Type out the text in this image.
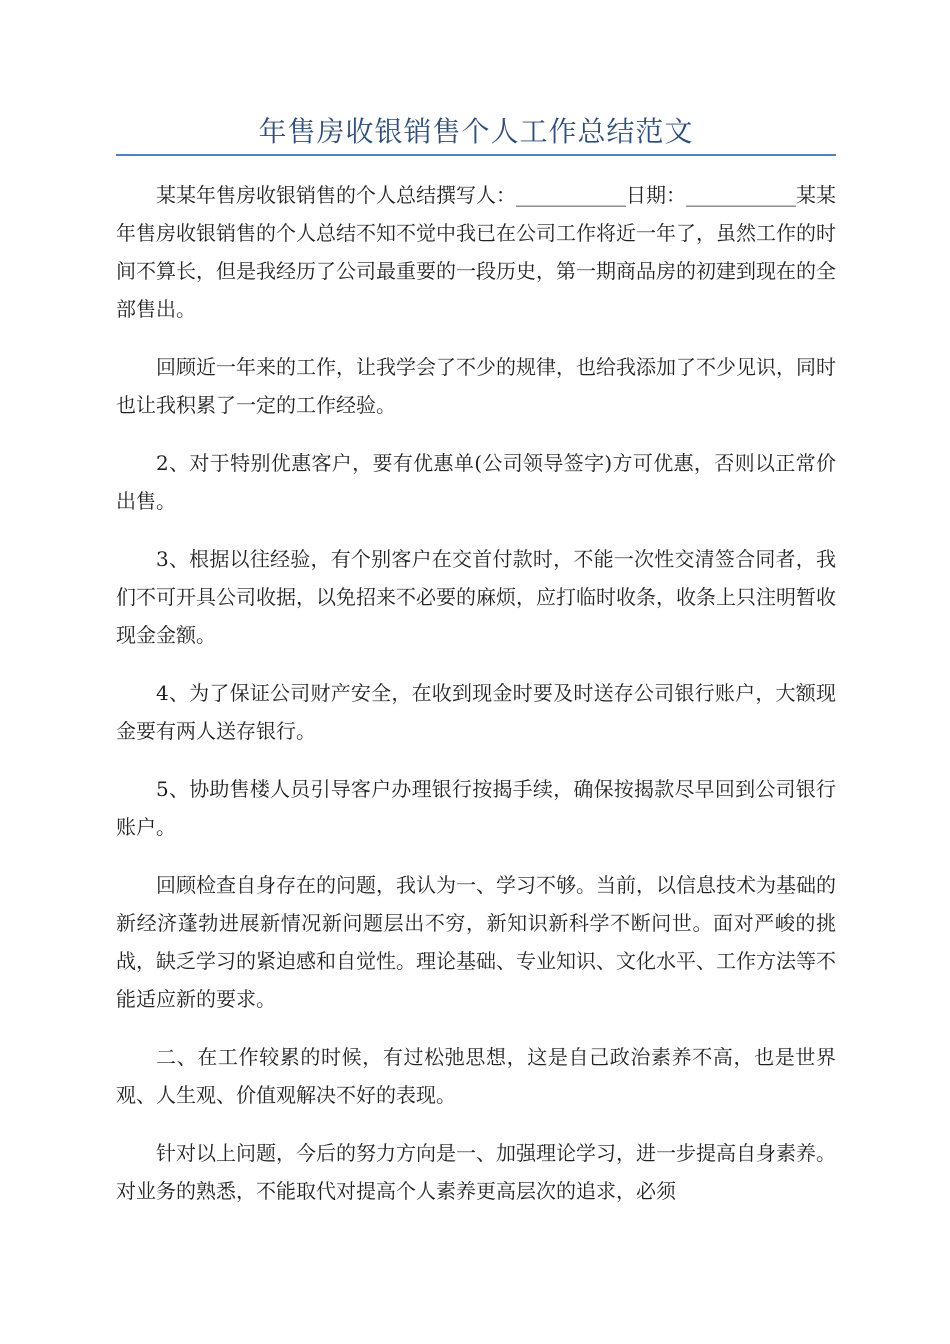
年售房收银销售个人工作总结范文

某某年售房收银销售的个人总结撰写人：___________日期：___________某某年售房收银销售的个人总结不知不觉中我已在公司工作将近一年了，虽然工作的时间不算长，但是我经历了公司最重要的一段历史，第一期商品房的初建到现在的全部售出。

回顾近一年来的工作，让我学会了不少的规律，也给我添加了不少见识，同时也让我积累了一定的工作经验。

2、对于特别优惠客户，要有优惠单(公司领导签字)方可优惠，否则以正常价出售。

3、根据以往经验，有个别客户在交首付款时，不能一次性交清签合同者，我们不可开具公司收据，以免招来不必要的麻烦，应打临时收条，收条上只注明暂收现金金额。

4、为了保证公司财产安全，在收到现金时要及时送存公司银行账户，大额现金要有两人送存银行。

5、协助售楼人员引导客户办理银行按揭手续，确保按揭款尽早回到公司银行账户。

回顾检查自身存在的问题，我认为一、学习不够。当前，以信息技术为基础的新经济蓬勃进展新情况新问题层出不穷，新知识新科学不断问世。面对严峻的挑战，缺乏学习的紧迫感和自觉性。理论基础、专业知识、文化水平、工作方法等不能适应新的要求。

二、在工作较累的时候，有过松弛思想，这是自己政治素养不高，也是世界观、人生观、价值观解决不好的表现。

针对以上问题，今后的努力方向是一、加强理论学习，进一步提高自身素养。对业务的熟悉，不能取代对提高个人素养更高层次的追求，必须
